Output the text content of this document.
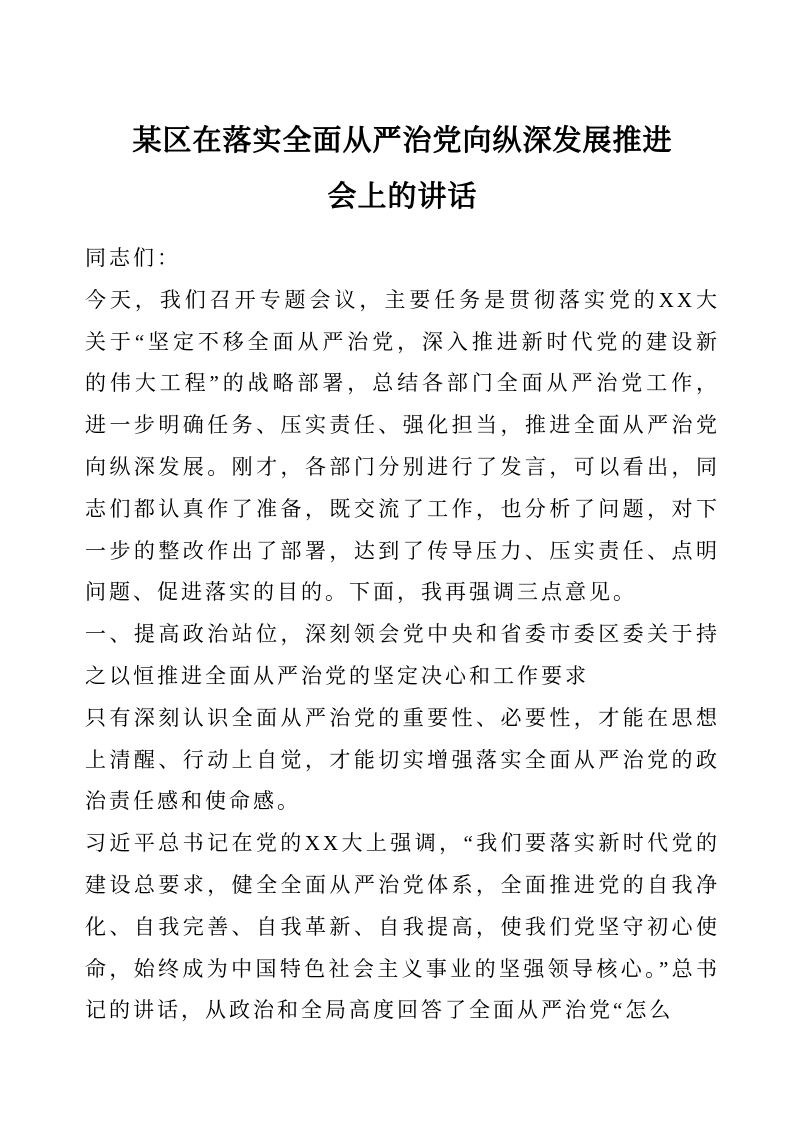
某区在落实全面从严治党向纵深发展推进会上的讲话

同志们：

今天，我们召开专题会议，主要任务是贯彻落实党的XX大关于“坚定不移全面从严治党，深入推进新时代党的建设新的伟大工程”的战略部署，总结各部门全面从严治党工作，进一步明确任务、压实责任、强化担当，推进全面从严治党向纵深发展。刚才，各部门分别进行了发言，可以看出，同志们都认真作了准备，既交流了工作，也分析了问题，对下一步的整改作出了部署，达到了传导压力、压实责任、点明问题、促进落实的目的。下面，我再强调三点意见。

一、提高政治站位，深刻领会党中央和省委市委区委关于持之以恒推进全面从严治党的坚定决心和工作要求

只有深刻认识全面从严治党的重要性、必要性，才能在思想上清醒、行动上自觉，才能切实增强落实全面从严治党的政治责任感和使命感。

习近平总书记在党的XX大上强调，“我们要落实新时代党的建设总要求，健全全面从严治党体系，全面推进党的自我净化、自我完善、自我革新、自我提高，使我们党坚守初心使命，始终成为中国特色社会主义事业的坚强领导核心。”总书记的讲话，从政治和全局高度回答了全面从严治党“怎么
